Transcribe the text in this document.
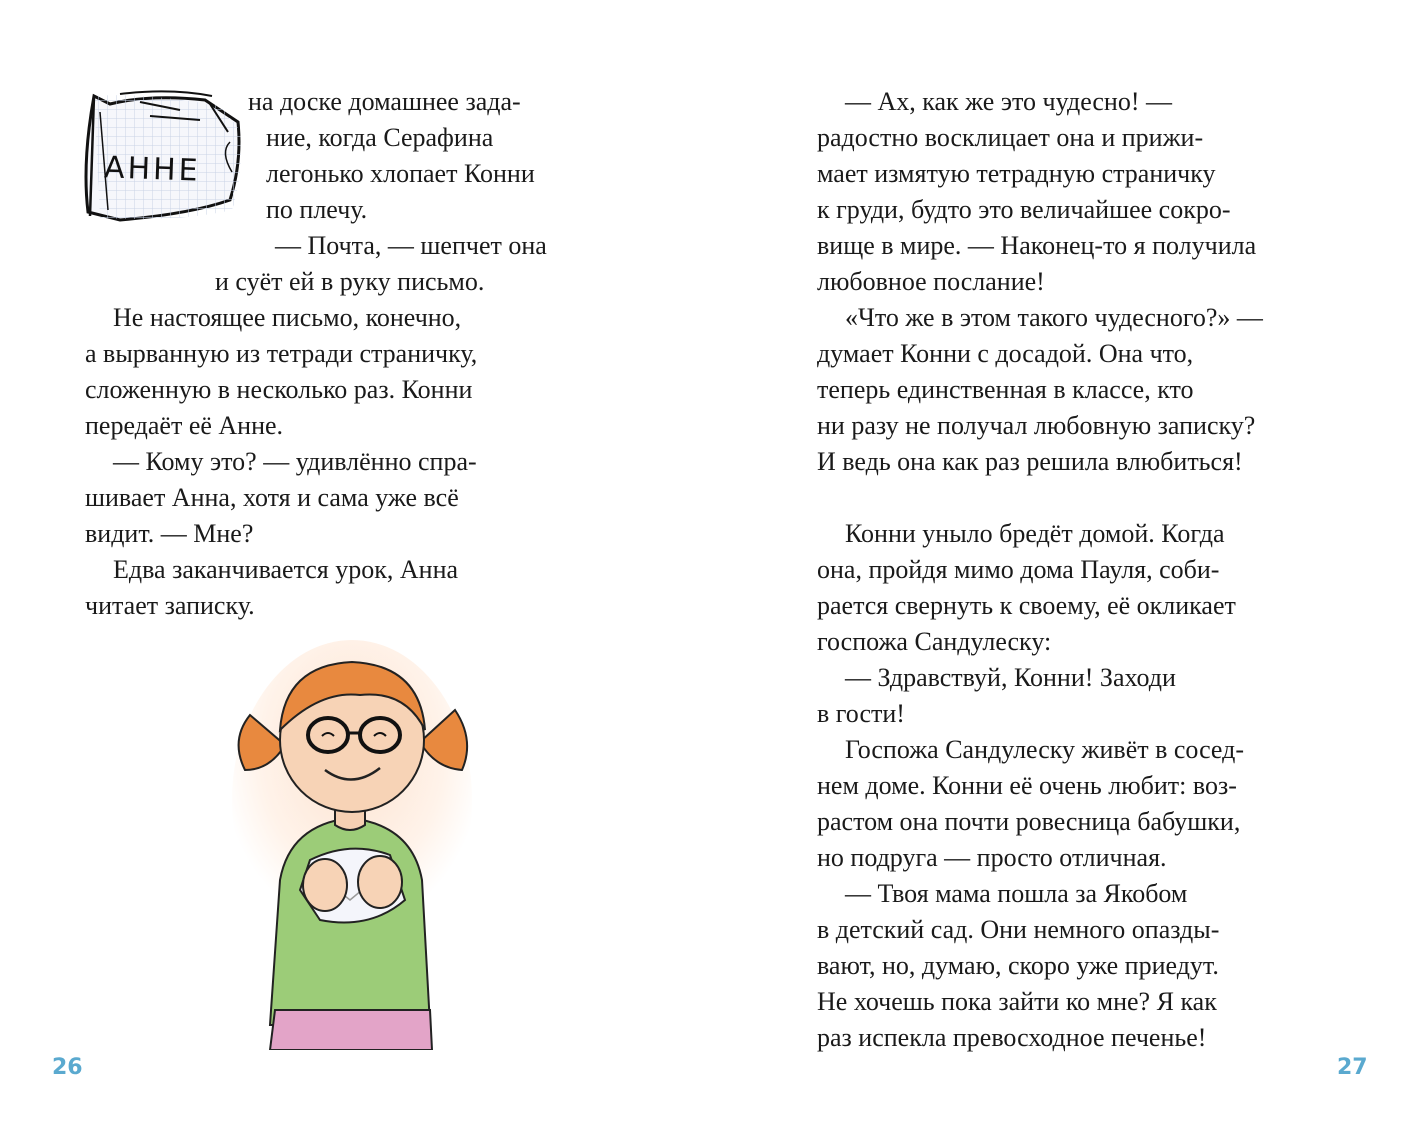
АННЕ
на доске домашнее зада-
ние, когда Серафина
легонько хлопает Конни
по плечу.
— Почта, — шепчет она
и суёт ей в руку письмо.
Не настоящее письмо, конечно,
а вырванную из тетради страничку,
сложенную в несколько раз. Конни
передаёт её Анне.
— Кому это? — удивлённо спра-
шивает Анна, хотя и сама уже всё
видит. — Мне?
Едва заканчивается урок, Анна
читает записку.
26
— Ах, как же это чудесно! —
радостно восклицает она и прижи-
мает измятую тетрадную страничку
к груди, будто это величайшее сокро-
вище в мире. — Наконец-то я получила
любовное послание!
«Что же в этом такого чудесного?» —
думает Конни с досадой. Она что,
теперь единственная в классе, кто
ни разу не получал любовную записку?
И ведь она как раз решила влюбиться!
Конни уныло бредёт домой. Когда
она, пройдя мимо дома Пауля, соби-
рается свернуть к своему, её окликает
госпожа Сандулеску:
— Здравствуй, Конни! Заходи
в гости!
Госпожа Сандулеску живёт в сосед-
нем доме. Конни её очень любит: воз-
растом она почти ровесница бабушки,
но подруга — просто отличная.
— Твоя мама пошла за Якобом
в детский сад. Они немного опазды-
вают, но, думаю, скоро уже приедут.
Не хочешь пока зайти ко мне? Я как
раз испекла превосходное печенье!
27
